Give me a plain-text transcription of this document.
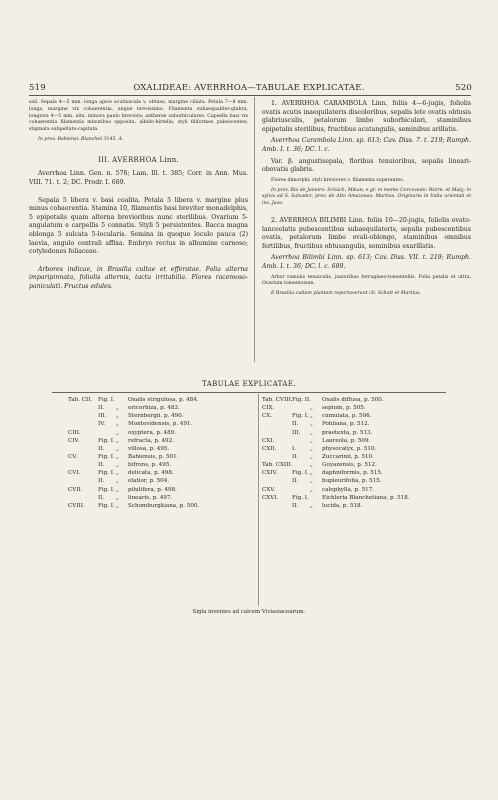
519	OXALIDEAE: AVERRHOA—TABULAE EXPLICATAE.	520

sali. Sepala 4—5 mm. longa apice acutiuscula v. obtusa, margine ciliata. Petala 7—8 mm. longa, margine vix cohaerentia, ungue brevissimo. Filamenta subaequaliter-glabra, longiora 4—5 mm. alta, minora paulo breviora; antherae suborbiculares. Capsella basi vix cohaerentia filamentis minutibus opposita, albido-hirtella; styli filiformes pubescentes; stigmata subpeltato-capitata.

In prov. Bahiensi: Blanchet 3145. A.

III. AVERRHOA Linn.

Averrhoa Linn. Gen. n. 576; Lam. Ill. t. 385; Corr. in Ann. Mus. VIII. 71. t. 2; DC. Prodr. I. 689.

Sepala 5 libera v. basi coalita. Petala 5 libera v. margine plus minus cohaerentia. Stamina 10, filamentis basi breviter monadelphis, 5 epipetalis quam alterna brevioribus nunc sterilibus. Ovarium 5-angulatum e carpellis 5 connatis. Styli 5 persistentes. Bacca magna oblonga 5 sulcata 5-locularis. Semina in quoque loculo pauca (2) laevia, angulo centrali affixa. Embryo rectus in albumine carnoso; cotyledones foliaceae.

Arbores indicae, in Brasilia cultae et efferatae. Folia alterna imparipinnata, foliolis alternis, tactu irritabilia. Flores racemoso-paniculati. Fructus edules.

1. AVERRHOA CARAMBOLA Linn. foliis 4—6-jugis, foliolis ovatis acutis inaequilateris discoloribus, sepalis lete ovatis obtusis glabriusculis, petalorum limbo suborbiculari, staminibus epipetalis sterilibus, fructibus acutangulis, seminibus arillatis.

Averrhoa Carambola Linn. sp. 613; Cav. Diss. 7. t. 219; Rumph. Amb. I. t. 36; DC. l. c.

Var. β. angustisepala, floribus tenuioribus, sepalis lineari-obovatis glabris.

Flores dimorphi: styli breviores v. filamenta superantes.

In prov. Rio de Janeiro: Schüch, Mikan; e gr. in monte Corcovado: Warm. et Maly; in sylvis ad S. Salvador, prov. de Alto Amazonas: Martius. Originaria in India orientali et ins. Java.

2. AVERRHOA BILIMBI Linn. foliis 10—20-jugis, foliolis ovato-lanceolatis pubescentibus subaequilateris, sepalis pubescentibus ovatis, petalorum limbo ovali-oblongo, staminibus omnibus fertilibus, fructibus obtusangulis, seminibus exarillatis.

Averrhoa Bilimbi Linn. sp. 613; Cav. Diss. VII. t. 219; Rumph. Amb. I. t. 36; DC. l. c. 689.

Arbor ramulis tenuiculis, junioribus ferrugineo-tomentellis. Folia petalis et ultra. Ovarium tomentosum.

E Brasilia cultam plantam reportaverunt cll. Schott et Martius.

TABULAE EXPLICATAE.
Tab. CII. Fig. I. Oxalis strigulosa, p. 484.
II. „ ericorhiza, p. 483.
III. „ Sternbergii. p. 490.
IV. „ Montevidensis, p. 491.
CIII.	„ oxyptera, p. 489.
CIV.	Fig. I. „ refracta, p. 492.
II. „ villosa, p. 495.
CV.	Fig. I. „ Bahiensis, p. 501.
II. „ bifrons, p. 495.
CVI.	Fig. I. „ delicata, p. 498.
II. „ elatior, p. 504.
CVII.	Fig. I. „ pilulifera, p. 498.
II. „ linearis, p. 497.
CVIII. Fig. I. „ Schomburgkiana, p. 500.
Tab. CVIII. Fig. II. Oxalis diffusa, p. 500.
CIX.	„ sepium, p. 505.
CX.	Fig. I. „ cumulata, p. 506.
II. „ Pohliana, p. 512.
III. „ praetexta, p. 513.
CXI.	„ Laureola, p. 509.
CXII.	I.	„ physocalyx, p. 510.
II. „ Zuccarinii, p. 510.
Tab. CXIII.	„ Goyazensis, p. 512.
CXIV.	Fig. I. „ daphniformis, p. 515.
II. „ bupleurifolia, p. 515.
CXV.	„ calophylla, p. 517.
CXVI. Fig. I. Eichleria Blanchetiana, p. 518.
II. „ lucida, p. 518.
Sigla invenies ad calcem Viviasiacearum.
